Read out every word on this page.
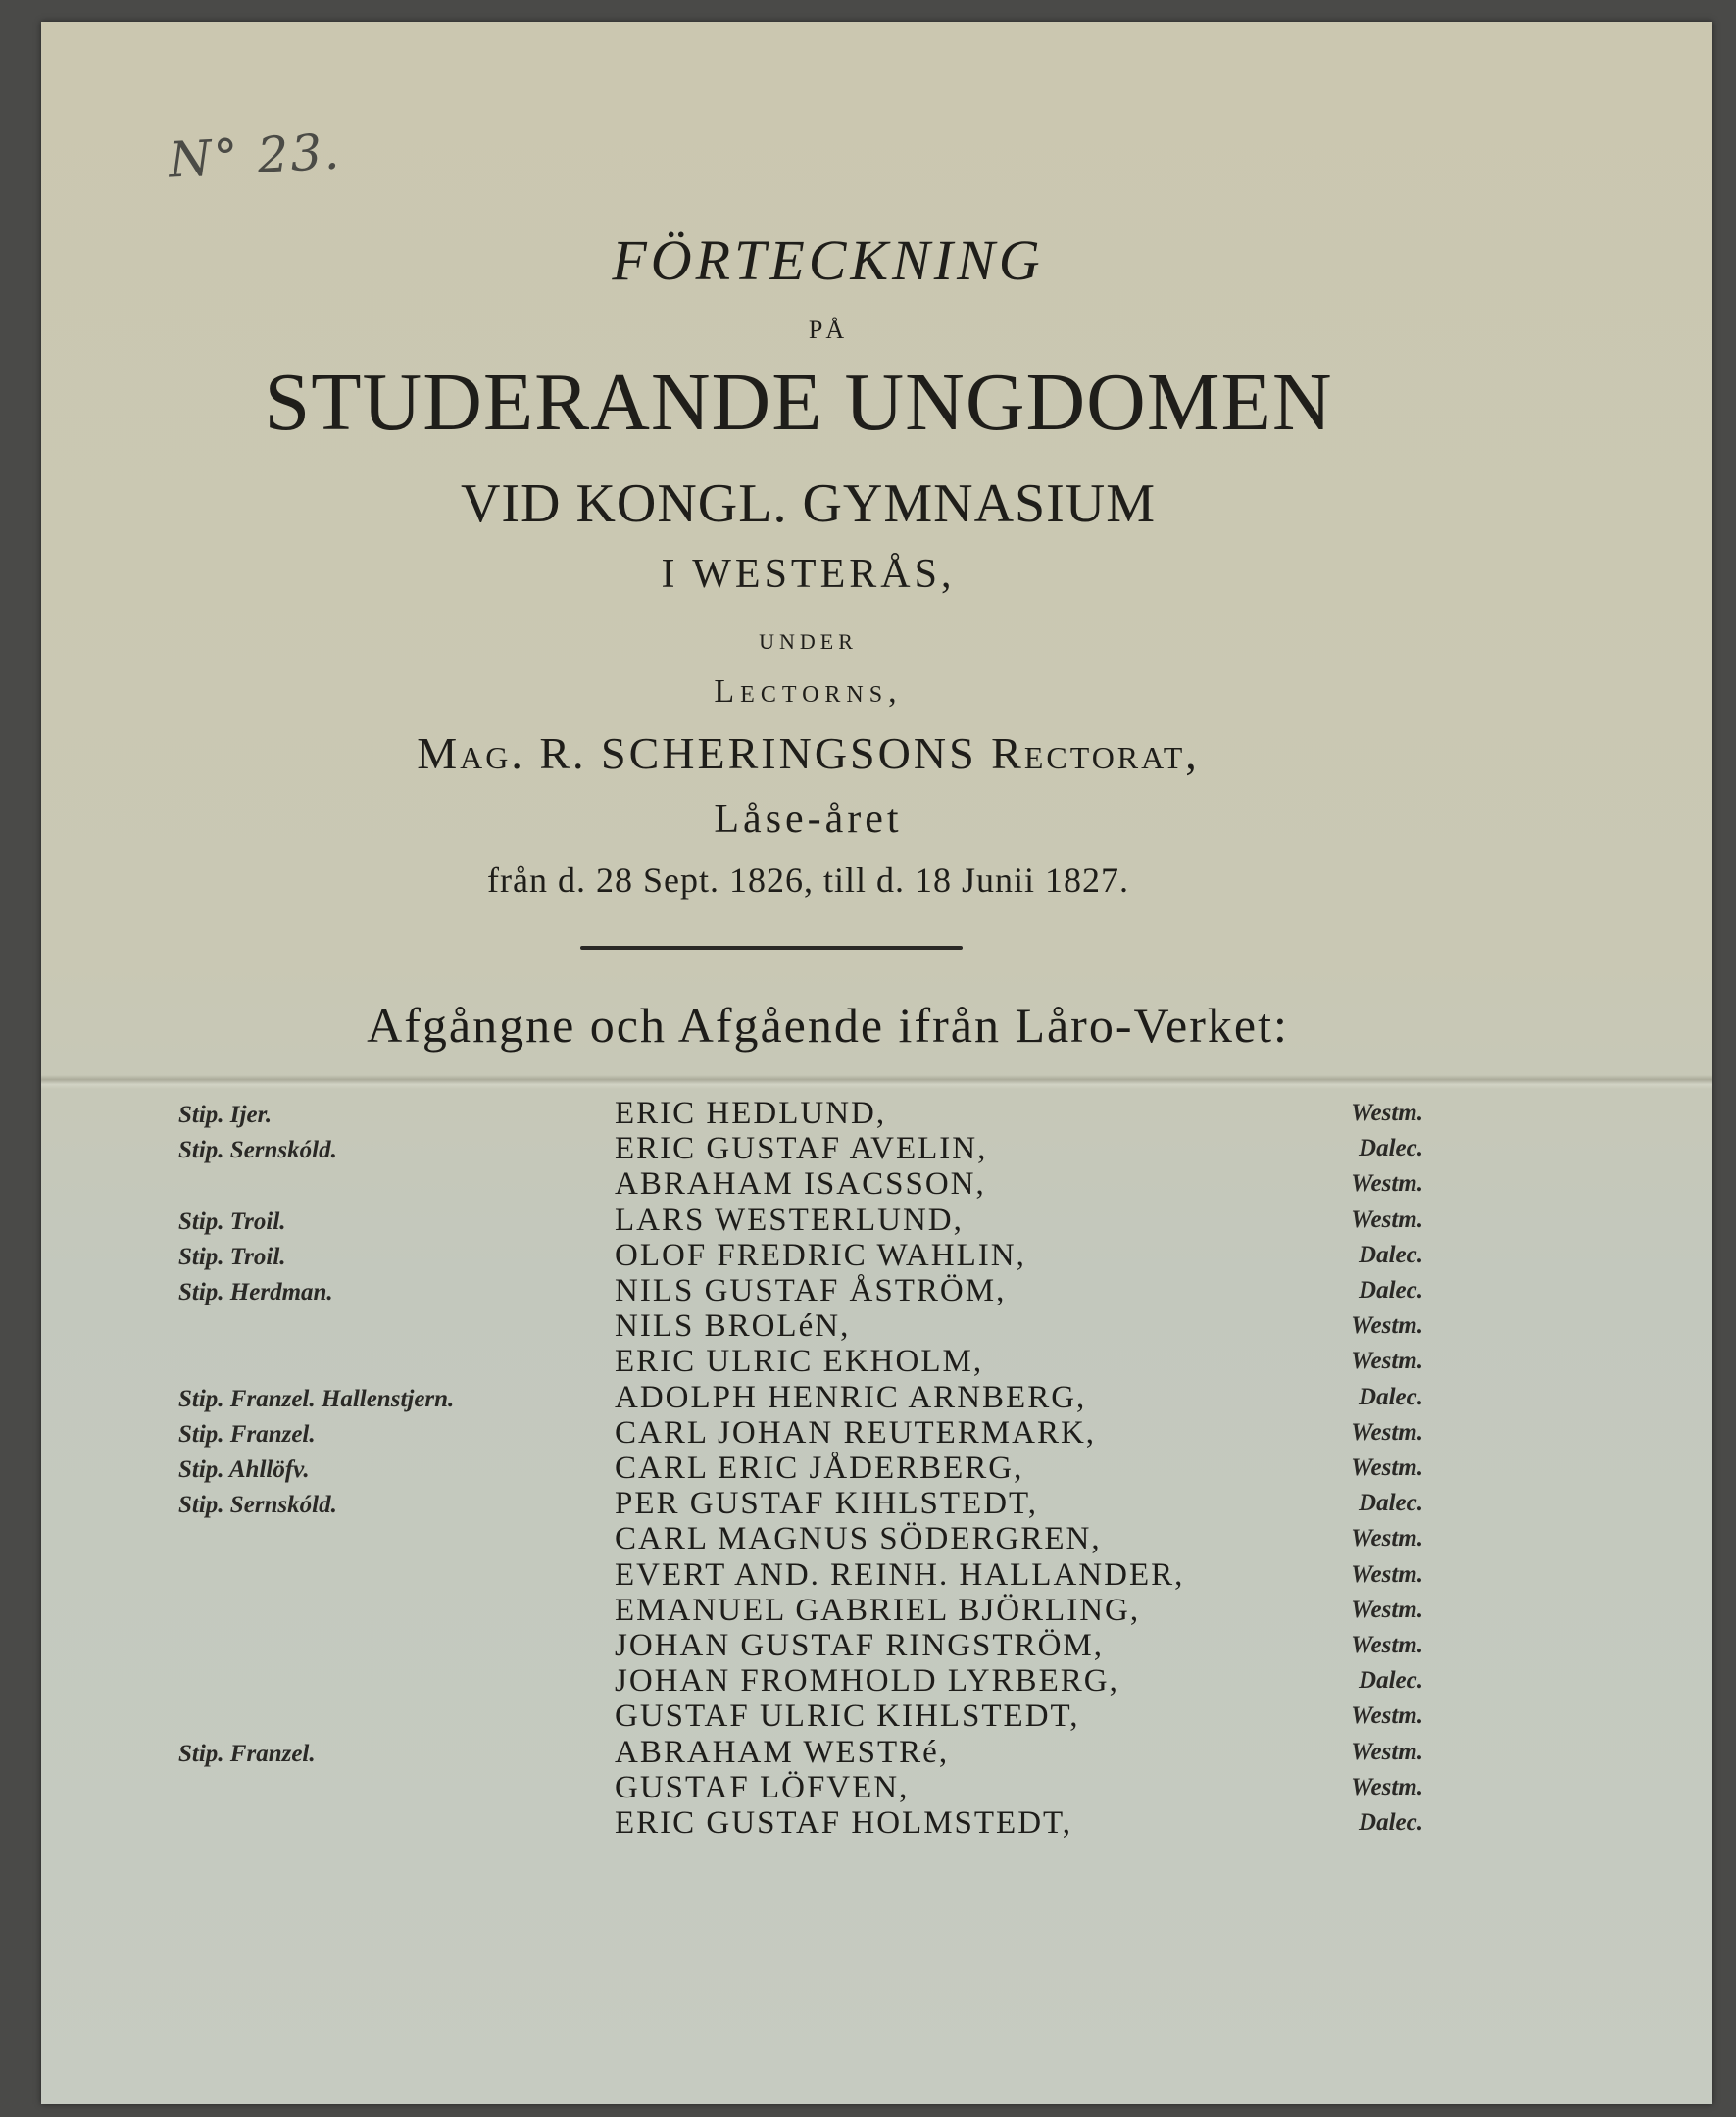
N° 23.
FÖRTECKNING
PÅ
STUDERANDE UNGDOMEN
VID KONGL. GYMNASIUM
I WESTERÅS,
UNDER
Lectorns,
Mag. R. SCHERINGSONS Rectorat,
Låse-året
från d. 28 Sept. 1826, till d. 18 Junii 1827.
Afgångne och Afgående ifrån Låro-Verket:
Stip. Ijer.	ERIC HEDLUND,	Westm.
Stip. Sernskóld.	ERIC GUSTAF AVELIN,	Dalec.
ABRAHAM ISACSSON,	Westm.
Stip. Troil.	LARS WESTERLUND,	Westm.
Stip. Troil.	OLOF FREDRIC WAHLIN,	Dalec.
Stip. Herdman.	NILS GUSTAF ÅSTRÖM,	Dalec.
NILS BROLéN,	Westm.
ERIC ULRIC EKHOLM,	Westm.
Stip. Franzel. Hallenstjern.	ADOLPH HENRIC ARNBERG,	Dalec.
Stip. Franzel.	CARL JOHAN REUTERMARK,	Westm.
Stip. Ahllöfv.	CARL ERIC JÅDERBERG,	Westm.
Stip. Sernskóld.	PER GUSTAF KIHLSTEDT,	Dalec.
CARL MAGNUS SÖDERGREN,	Westm.
EVERT AND. REINH. HALLANDER,	Westm.
EMANUEL GABRIEL BJÖRLING,	Westm.
JOHAN GUSTAF RINGSTRÖM,	Westm.
JOHAN FROMHOLD LYRBERG,	Dalec.
GUSTAF ULRIC KIHLSTEDT,	Westm.
Stip. Franzel.	ABRAHAM WESTRé,	Westm.
GUSTAF LÖFVEN,	Westm.
ERIC GUSTAF HOLMSTEDT,	Dalec.
